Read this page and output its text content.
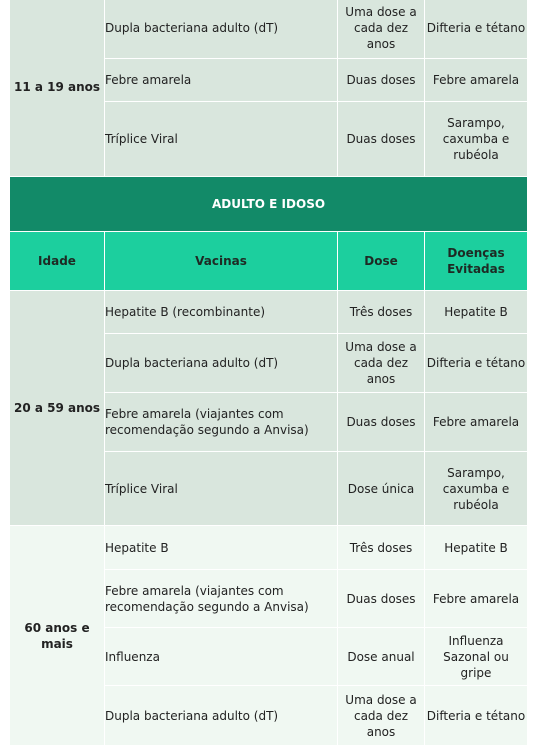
11 a 19 anos	Dupla bacteriana adulto (dT)	Uma dose a cada dez anos	Difteria e tétano
	Febre amarela	Duas doses	Febre amarela
	Tríplice Viral	Duas doses	Sarampo, caxumba e rubéola
ADULTO E IDOSO			
Idade	Vacinas	Dose	Doenças Evitadas
20 a 59 anos	Hepatite B (recombinante)	Três doses	Hepatite B
	Dupla bacteriana adulto (dT)	Uma dose a cada dez anos	Difteria e tétano
	Febre amarela (viajantes com recomendação segundo a Anvisa)	Duas doses	Febre amarela
	Tríplice Viral	Dose única	Sarampo, caxumba e rubéola
60 anos e mais	Hepatite B	Três doses	Hepatite B
	Febre amarela (viajantes com recomendação segundo a Anvisa)	Duas doses	Febre amarela
	Influenza	Dose anual	Influenza Sazonal ou gripe
	Dupla bacteriana adulto (dT)	Uma dose a cada dez anos	Difteria e tétano
